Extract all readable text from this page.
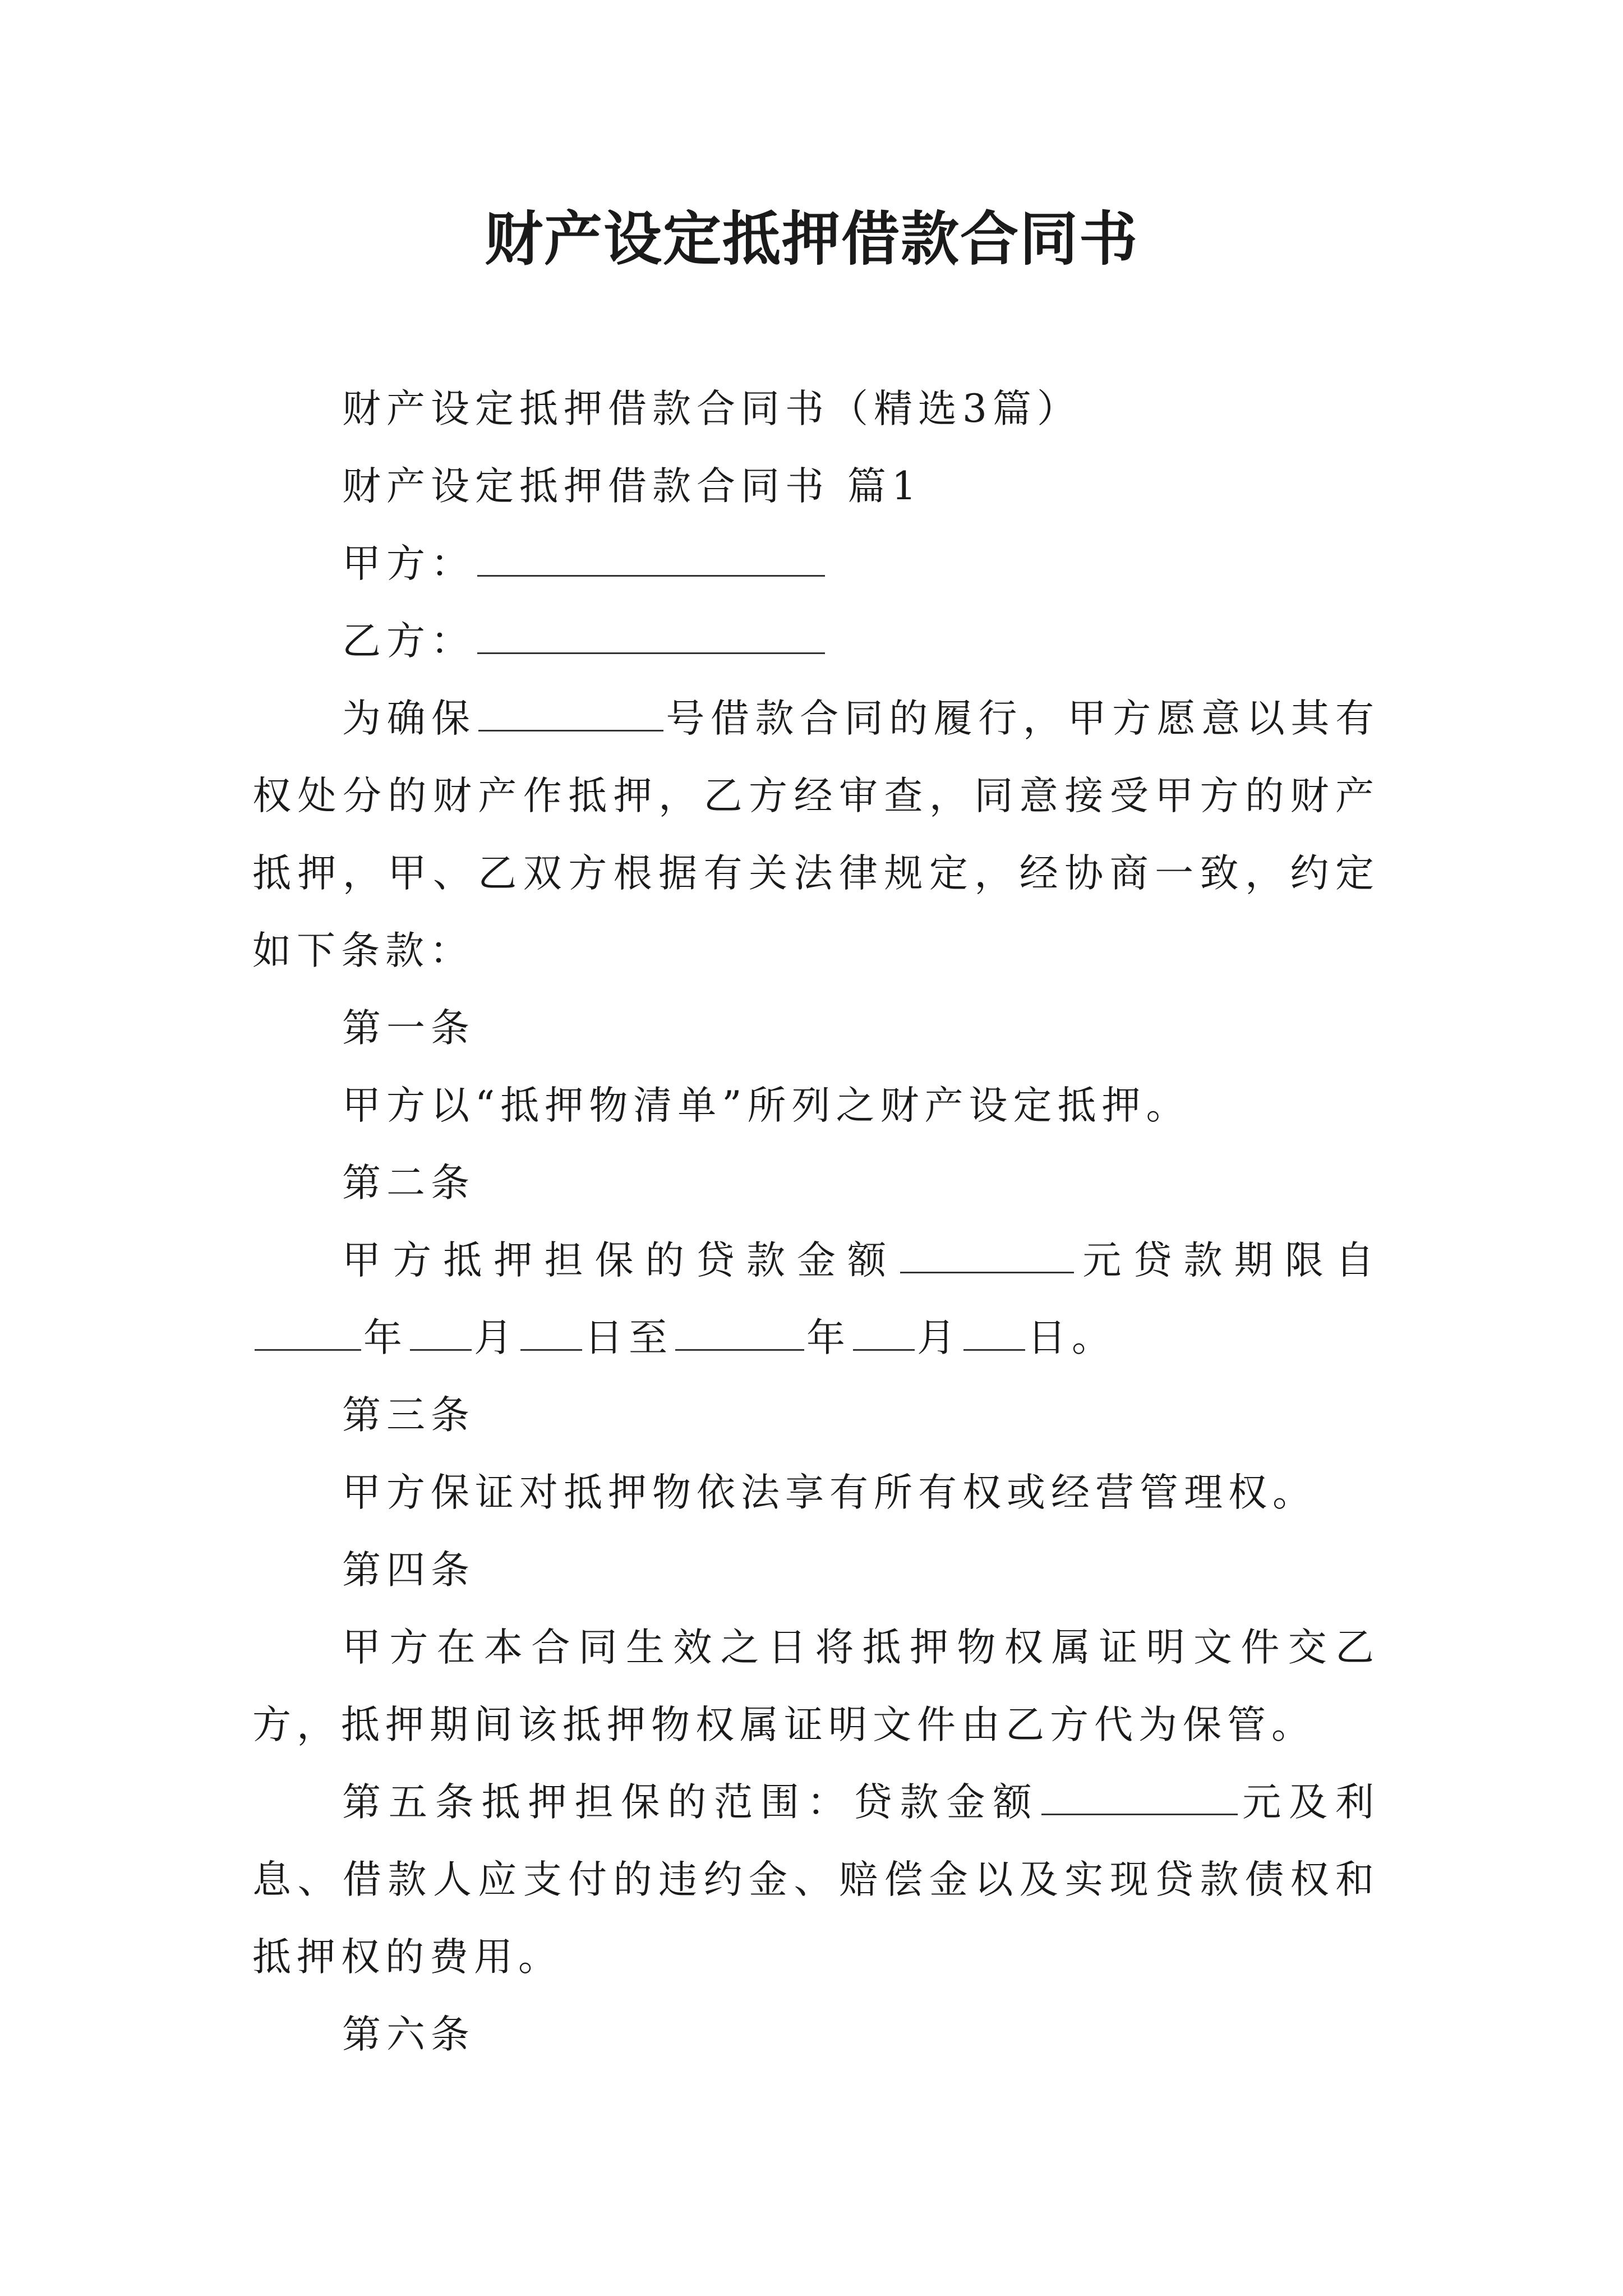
财产设定抵押借款合同书

财产设定抵押借款合同书（精选3篇）

财产设定抵押借款合同书 篇1

甲方：

乙方：

为确保	号借款合同的履行，甲方愿意以其有权处分的财产作抵押，乙方经审查，同意接受甲方的财产抵押，甲、乙双方根据有关法律规定，经协商一致，约定如下条款：

第一条

甲方以“抵押物清单”所列之财产设定抵押。

第二条

甲方抵押担保的贷款金额	元贷款期限自年 月 日至	年 月 日。

第三条

甲方保证对抵押物依法享有所有权或经营管理权。

第四条

甲方在本合同生效之日将抵押物权属证明文件交乙方，抵押期间该抵押物权属证明文件由乙方代为保管。

第五条抵押担保的范围：贷款金额	元及利息、借款人应支付的违约金、赔偿金以及实现贷款债权和抵押权的费用。

第六条
